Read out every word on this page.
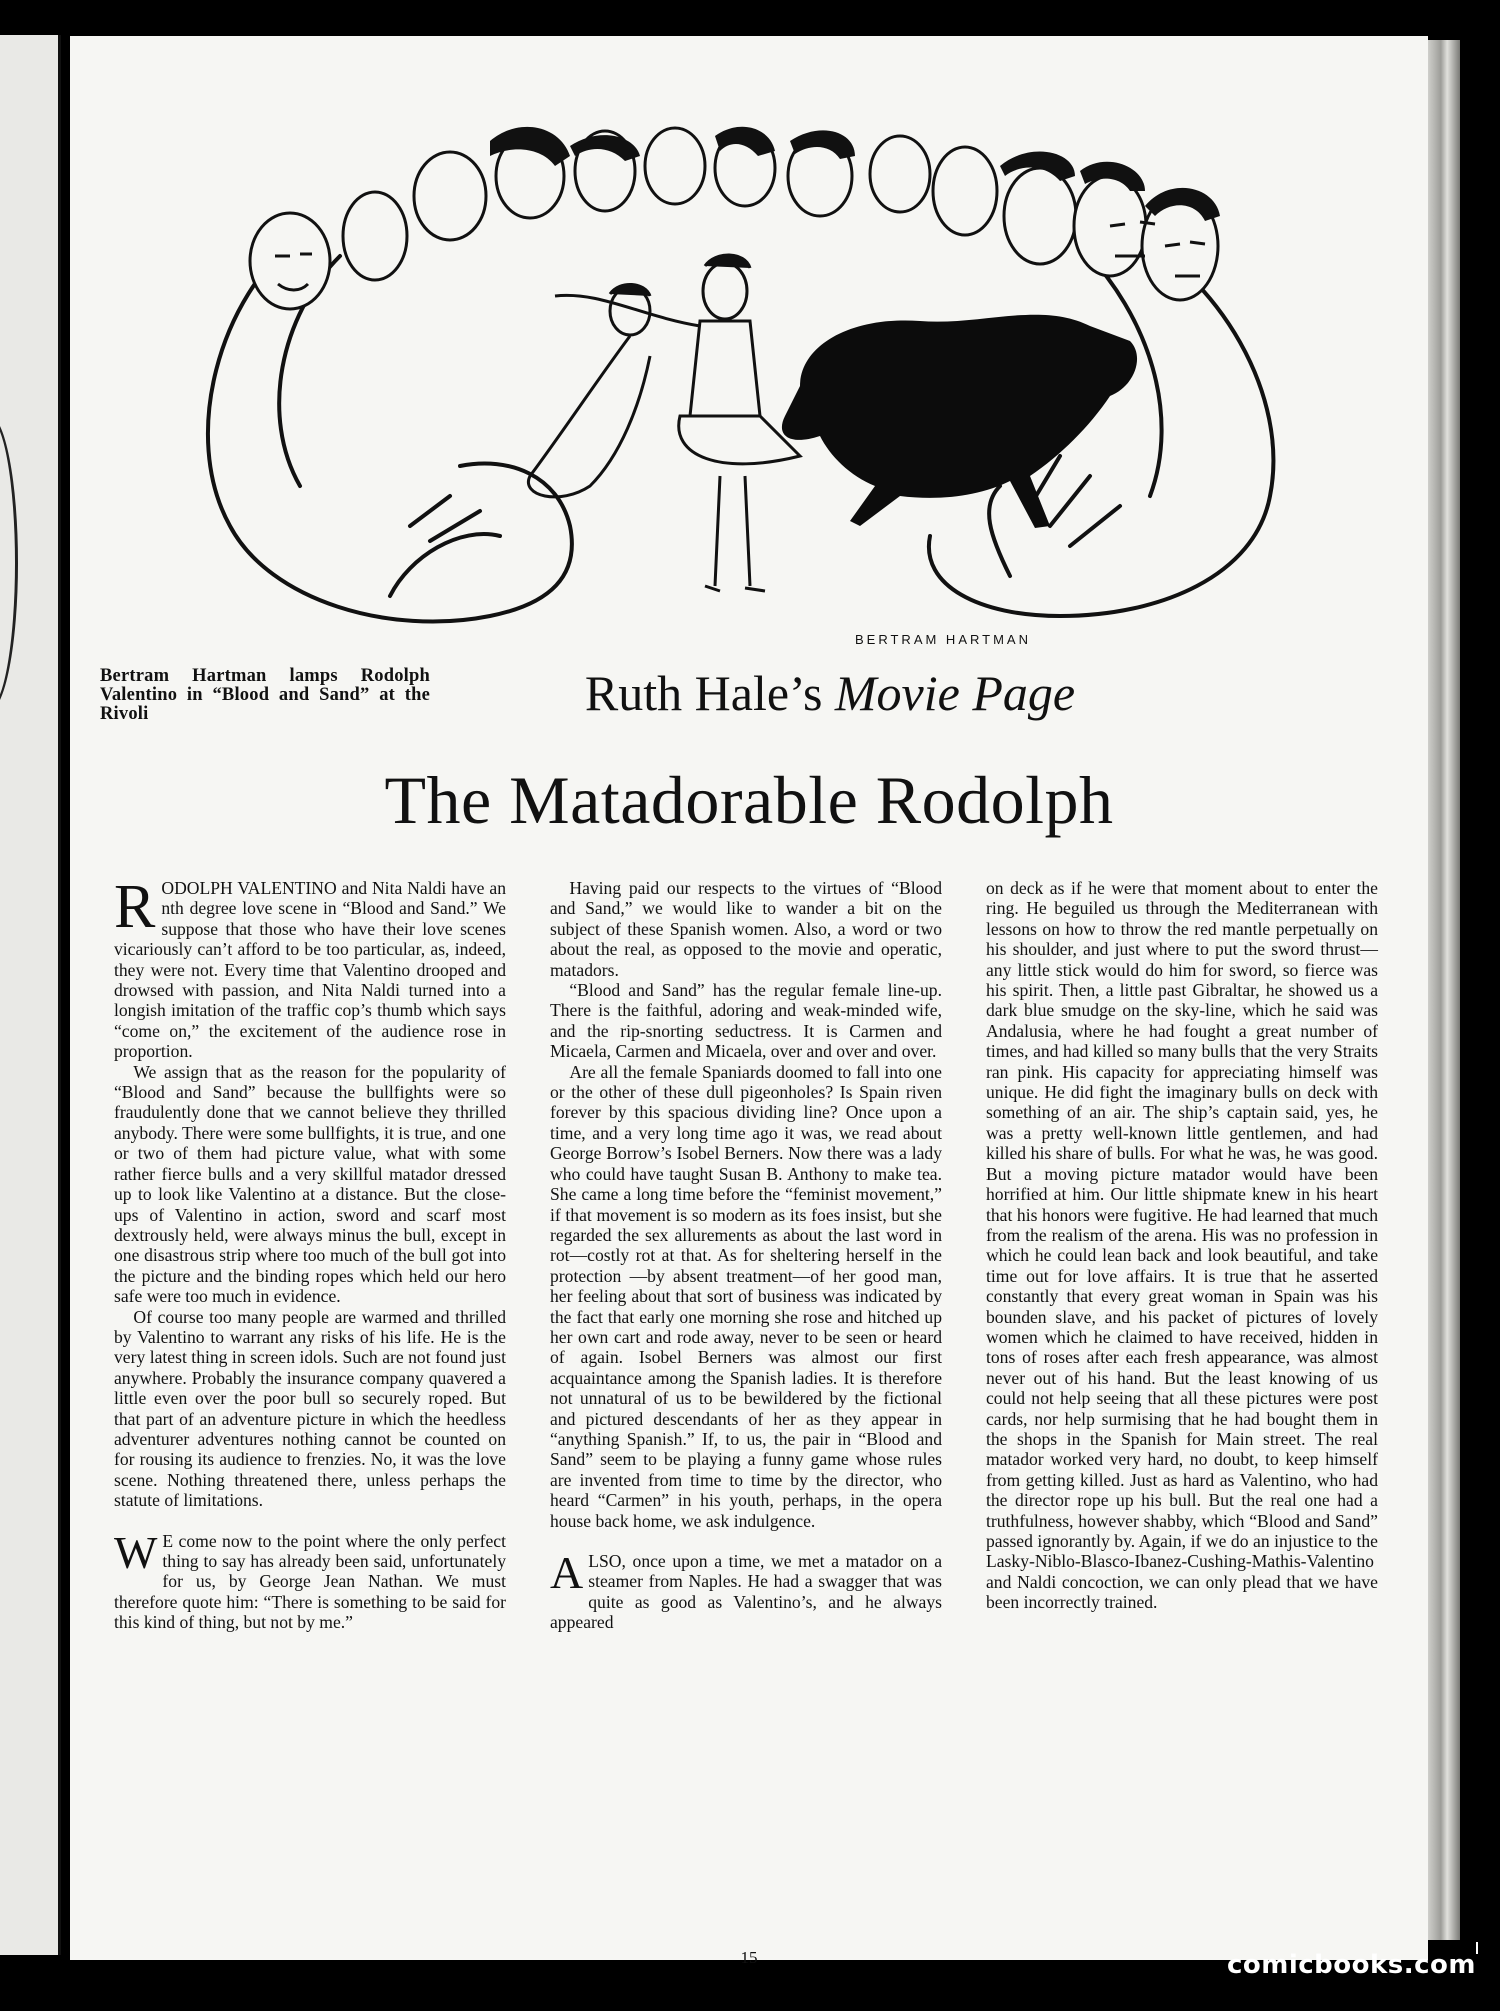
BERTRAM HARTMAN
Bertram Hartman lamps Rodolph Valentino in “Blood and Sand” at the Rivoli	Ruth Hale’s Movie Page
The Matadorable Rodolph

RODOLPH VALENTINO and Nita Naldi have an nth degree love scene in “Blood and Sand.” We suppose that those who have their love scenes vicariously can’t afford to be too particular, as, indeed, they were not. Every time that Valentino drooped and drowsed with passion, and Nita Naldi turned into a longish imitation of the traffic cop’s thumb which says “come on,” the excitement of the audience rose in proportion.

We assign that as the reason for the popularity of “Blood and Sand” because the bullfights were so fraudulently done that we cannot believe they thrilled anybody. There were some bullfights, it is true, and one or two of them had picture value, what with some rather fierce bulls and a very skillful matador dressed up to look like Valentino at a distance. But the close-ups of Valentino in action, sword and scarf most dextrously held, were always minus the bull, except in one disastrous strip where too much of the bull got into the picture and the binding ropes which held our hero safe were too much in evidence.

Of course too many people are warmed and thrilled by Valentino to warrant any risks of his life. He is the very latest thing in screen idols. Such are not found just anywhere. Probably the insurance company quavered a little even over the poor bull so securely roped. But that part of an adventure picture in which the heedless adventurer adventures nothing cannot be counted on for rousing its audience to frenzies. No, it was the love scene. Nothing threatened there, unless perhaps the statute of limitations.

W E come now to the point where the only perfect thing to say has already been said, unfortunately for us, by George Jean Nathan. We must therefore quote him: “There is something to be said for this kind of thing, but not by me.”

Having paid our respects to the virtues of “Blood and Sand,” we would like to wander a bit on the subject of these Spanish women. Also, a word or two about the real, as opposed to the movie and operatic, matadors.

“Blood and Sand” has the regular female line-up. There is the faithful, adoring and weak-minded wife, and the rip-snorting seductress. It is Carmen and Micaela, Carmen and Micaela, over and over and over.

Are all the female Spaniards doomed to fall into one or the other of these dull pigeonholes? Is Spain riven forever by this spacious dividing line? Once upon a time, and a very long time ago it was, we read about George Borrow’s Isobel Berners. Now there was a lady who could have taught Susan B. Anthony to make tea. She came a long time before the “feminist movement,” if that movement is so modern as its foes insist, but she regarded the sex allurements as about the last word in rot—costly rot at that. As for sheltering herself in the protection —by absent treatment—of her good man, her feeling about that sort of business was indicated by the fact that early one morning she rose and hitched up her own cart and rode away, never to be seen or heard of again. Isobel Berners was almost our first acquaintance among the Spanish ladies. It is therefore not unnatural of us to be bewildered by the fictional and pictured descendants of her as they appear in “anything Spanish.” If, to us, the pair in “Blood and Sand” seem to be playing a funny game whose rules are invented from time to time by the director, who heard “Carmen” in his youth, perhaps, in the opera house back home, we ask indulgence.

ALSO, once upon a time, we met a matador on a steamer from Naples. He had a swagger that was quite as good as Valentino’s, and he always appeared

on deck as if he were that moment about to enter the ring. He beguiled us through the Mediterranean with lessons on how to throw the red mantle perpetually on his shoulder, and just where to put the sword thrust—any little stick would do him for sword, so fierce was his spirit. Then, a little past Gibraltar, he showed us a dark blue smudge on the sky-line, which he said was Andalusia, where he had fought a great number of times, and had killed so many bulls that the very Straits ran pink. His capacity for appreciating himself was unique. He did fight the imaginary bulls on deck with something of an air. The ship’s captain said, yes, he was a pretty well-known little gentlemen, and had killed his share of bulls. For what he was, he was good. But a moving picture matador would have been horrified at him. Our little shipmate knew in his heart that his honors were fugitive. He had learned that much from the realism of the arena. His was no profession in which he could lean back and look beautiful, and take time out for love affairs. It is true that he asserted constantly that every great woman in Spain was his bounden slave, and his packet of pictures of lovely women which he claimed to have received, hidden in tons of roses after each fresh appearance, was almost never out of his hand. But the least knowing of us could not help seeing that all these pictures were post cards, nor help surmising that he had bought them in the shops in the Spanish for Main street. The real matador worked very hard, no doubt, to keep himself from getting killed. Just as hard as Valentino, who had the director rope up his bull. But the real one had a truthfulness, however shabby, which “Blood and Sand” passed ignorantly by. Again, if we do an injustice to the Lasky-Niblo-Blasco-Ibanez-Cushing-Mathis-Valentino and Naldi concoction, we can only plead that we have been incorrectly trained.

15	comicbooks.com
